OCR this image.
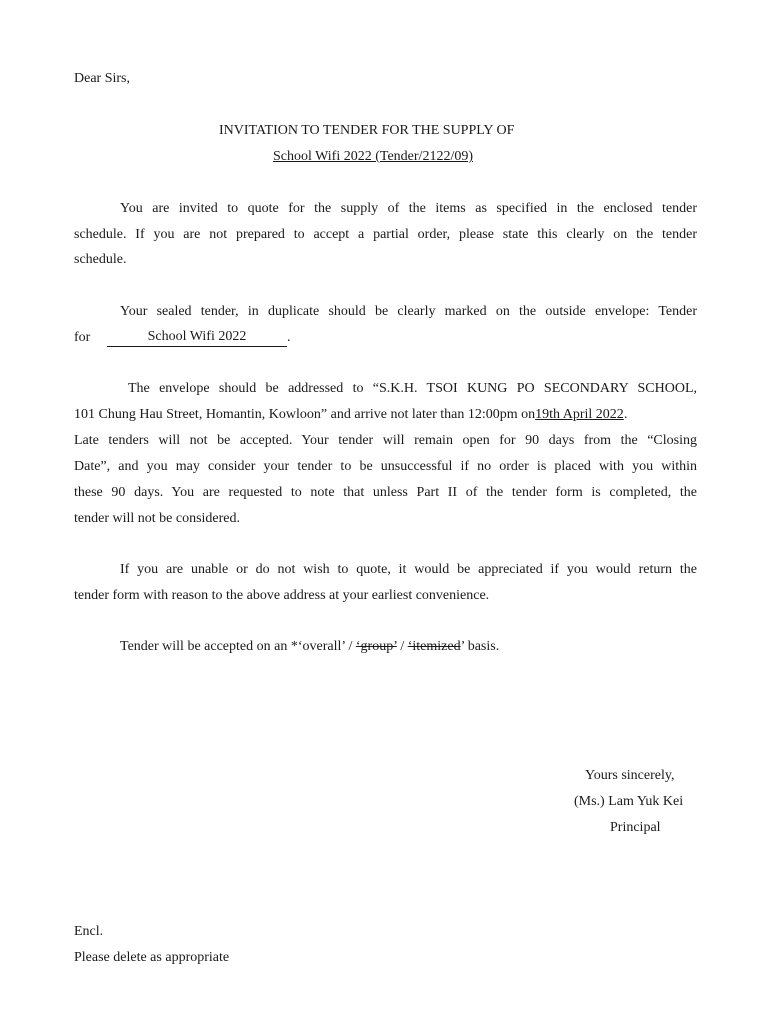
Dear Sirs,
INVITATION TO TENDER FOR THE SUPPLY OF
School Wifi 2022 (Tender/2122/09)
You are invited to quote for the supply of the items as specified in the enclosed tender
schedule. If you are not prepared to accept a partial order, please state this clearly on the tender
schedule.
Your sealed tender, in duplicate should be clearly marked on the outside envelope: Tender
for	School Wifi 2022	.
The envelope should be addressed to “S.K.H. TSOI KUNG PO SECONDARY SCHOOL,
101 Chung Hau Street, Homantin, Kowloon” and arrive not later than 12:00pm on19th April 2022.
Late tenders will not be accepted. Your tender will remain open for 90 days from the “Closing
Date”, and you may consider your tender to be unsuccessful if no order is placed with you within
these 90 days. You are requested to note that unless Part II of the tender form is completed, the
tender will not be considered.
If you are unable or do not wish to quote, it would be appreciated if you would return the
tender form with reason to the above address at your earliest convenience.
Tender will be accepted on an *‘overall’ / ‘group’ / ‘itemized’ basis.
Yours sincerely,
(Ms.) Lam Yuk Kei
Principal
Encl.
Please delete as appropriate
